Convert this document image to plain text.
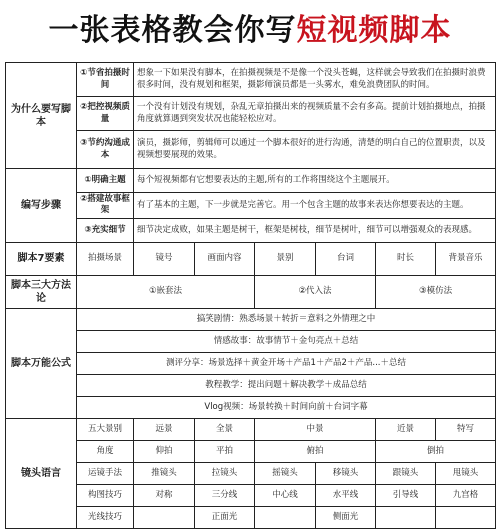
一张表格教会你写短视频脚本
为什么要写脚本	①节省拍摄时间	想象一下如果没有脚本，在拍摄视频是不是像一个没头苍蝇，这样就会导致我们在拍摄时浪费很多时间，没有规划和框架，摄影师演员都是一头雾水，难免浪费团队的时间。					
	②把控视频质量	一个没有计划没有规划，杂乱无章拍摄出来的视频质量不会有多高。提前计划拍摄地点，拍摄角度就算遇到突发状况也能轻松应对。					
	③节约沟通成本	演员，摄影师，剪辑师可以通过一个脚本很好的进行沟通，清楚的明白自己的位置职责，以及视频想要展现的效果。					
编写步骤	①明确主题	每个短视频都有它想要表达的主题,所有的工作将围绕这个主题展开。					
	②搭建故事框架	有了基本的主题，下一步就是完善它。用一个包含主题的故事来表达你想要表达的主题。					
	③充实细节	细节决定成败，如果主题是树干，框架是树枝，细节是树叶，细节可以增强观众的表现感。					
脚本7要素	拍摄场景	镜号	画面内容	景别	台词	时长	背景音乐
脚本三大方法论	①嵌套法			②代入法		③模仿法	
脚本万能公式	搞笑剧情：熟悉场景＋转折＝意料之外情理之中						
	情感故事：故事情节＋金句亮点＋总结						
	测评分享：场景选择＋黄金开场＋产品1＋产品2＋产品...＋总结						
	教程教学：提出问题＋解决教学＋成品总结						
	Vlog视频：场景转换＋时间向前＋台词字幕						
镜头语言	五大景别	远景	全景	中景		近景	特写
	角度	仰拍	平拍	俯拍		倒拍	
	运镜手法	推镜头	拉镜头	摇镜头	移镜头	跟镜头	甩镜头
	构图技巧	对称	三分线	中心线	水平线	引导线	九宫格
	光线技巧		正面光		侧面光		
